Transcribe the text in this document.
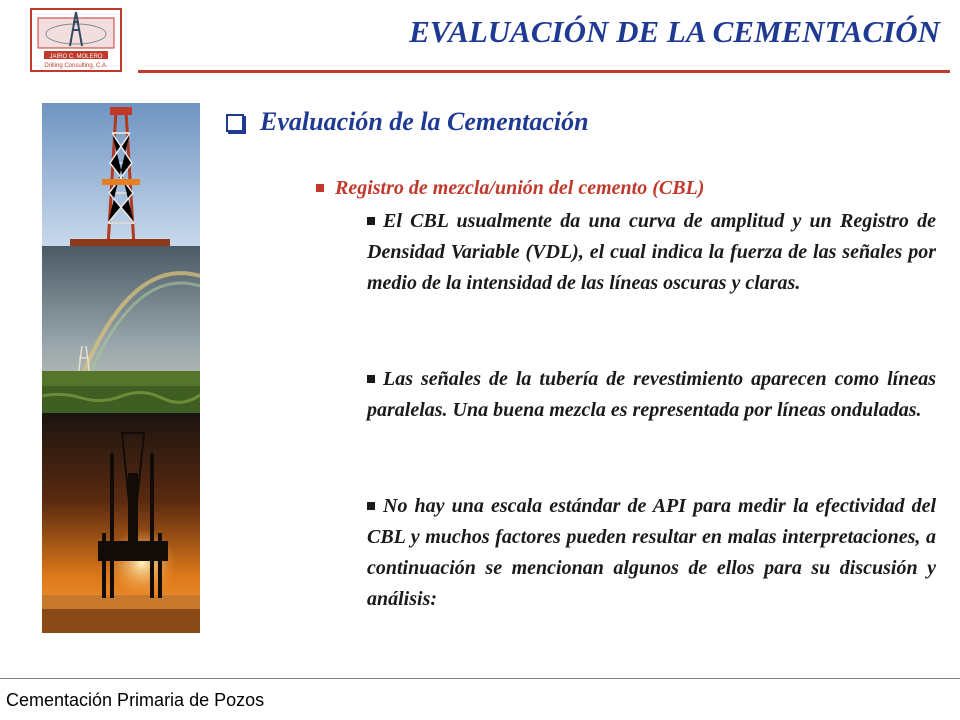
JAIRO C. MOLERO
Drilling Consulting, C.A.
EVALUACIÓN DE LA CEMENTACIÓN
Evaluación de la Cementación
Registro de mezcla/unión del cemento (CBL)
El CBL usualmente da una curva de amplitud y un Registro de Densidad Variable (VDL), el cual indica la fuerza de las señales por medio de la intensidad de las líneas oscuras y claras.
Las señales de la tubería de revestimiento aparecen como líneas paralelas. Una buena mezcla es representada por líneas onduladas.
No hay una escala estándar de API para medir la efectividad del CBL y muchos factores pueden resultar en malas interpretaciones, a continuación se mencionan algunos de ellos para su discusión y análisis:
Cementación Primaria de Pozos
